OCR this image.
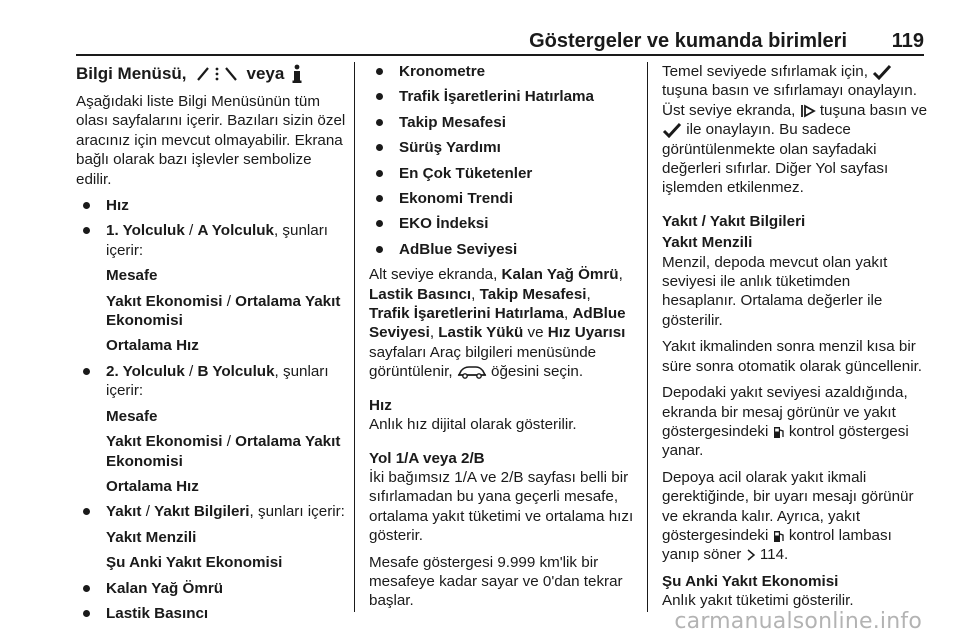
Göstergeler ve kumanda birimleri 119
Bilgi Menüsü,	veya

Aşağıdaki liste Bilgi Menüsünün tüm olası sayfalarını içerir. Bazıları sizin özel aracınız için mevcut olmayabilir. Ekrana bağlı olarak bazı işlevler sembolize edilir.

Hız
1. Yolculuk / A Yolculuk, şunları içerir:
Mesafe
Yakıt Ekonomisi / Ortalama Yakıt Ekonomisi
Ortalama Hız
2. Yolculuk / B Yolculuk, şunları içerir:
Mesafe
Yakıt Ekonomisi / Ortalama Yakıt Ekonomisi
Ortalama Hız
Yakıt / Yakıt Bilgileri, şunları içerir:
Yakıt Menzili
Şu Anki Yakıt Ekonomisi
Kalan Yağ Ömrü
Lastik Basıncı
Kronometre
Trafik İşaretlerini Hatırlama
Takip Mesafesi
Sürüş Yardımı
En Çok Tüketenler
Ekonomi Trendi
EKO İndeksi
AdBlue Seviyesi

Alt seviye ekranda, Kalan Yağ Ömrü, Lastik Basıncı, Takip Mesafesi, Trafik İşaretlerini Hatırlama, AdBlue Seviyesi, Lastik Yükü ve Hız Uyarısı sayfaları Araç bilgileri menüsünde görüntülenir,  öğesini seçin.

Hız

Anlık hız dijital olarak gösterilir.

Yol 1/A veya 2/B

İki bağımsız 1/A ve 2/B sayfası belli bir sıfırlamadan bu yana geçerli mesafe, ortalama yakıt tüketimi ve ortalama hızı gösterir.

Mesafe göstergesi 9.999 km'lik bir mesafeye kadar sayar ve 0'dan tekrar başlar.

Temel seviyede sıfırlamak için,  tuşuna basın ve sıfırlamayı onaylayın. Üst seviye ekranda,  tuşuna basın ve  ile onaylayın. Bu sadece görüntülenmekte olan sayfadaki değerleri sıfırlar. Diğer Yol sayfası işlemden etkilenmez.

Yakıt / Yakıt Bilgileri
Yakıt Menzili

Menzil, depoda mevcut olan yakıt seviyesi ile anlık tüketimden hesaplanır. Ortalama değerler ile gösterilir.

Yakıt ikmalinden sonra menzil kısa bir süre sonra otomatik olarak güncellenir.

Depodaki yakıt seviyesi azaldığında, ekranda bir mesaj görünür ve yakıt göstergesindeki  kontrol göstergesi yanar.

Depoya acil olarak yakıt ikmali gerektiğinde, bir uyarı mesajı görünür ve ekranda kalır. Ayrıca, yakıt göstergesindeki  kontrol lambası yanıp söner  114.

Şu Anki Yakıt Ekonomisi

Anlık yakıt tüketimi gösterilir.

carmanualsonline.info
